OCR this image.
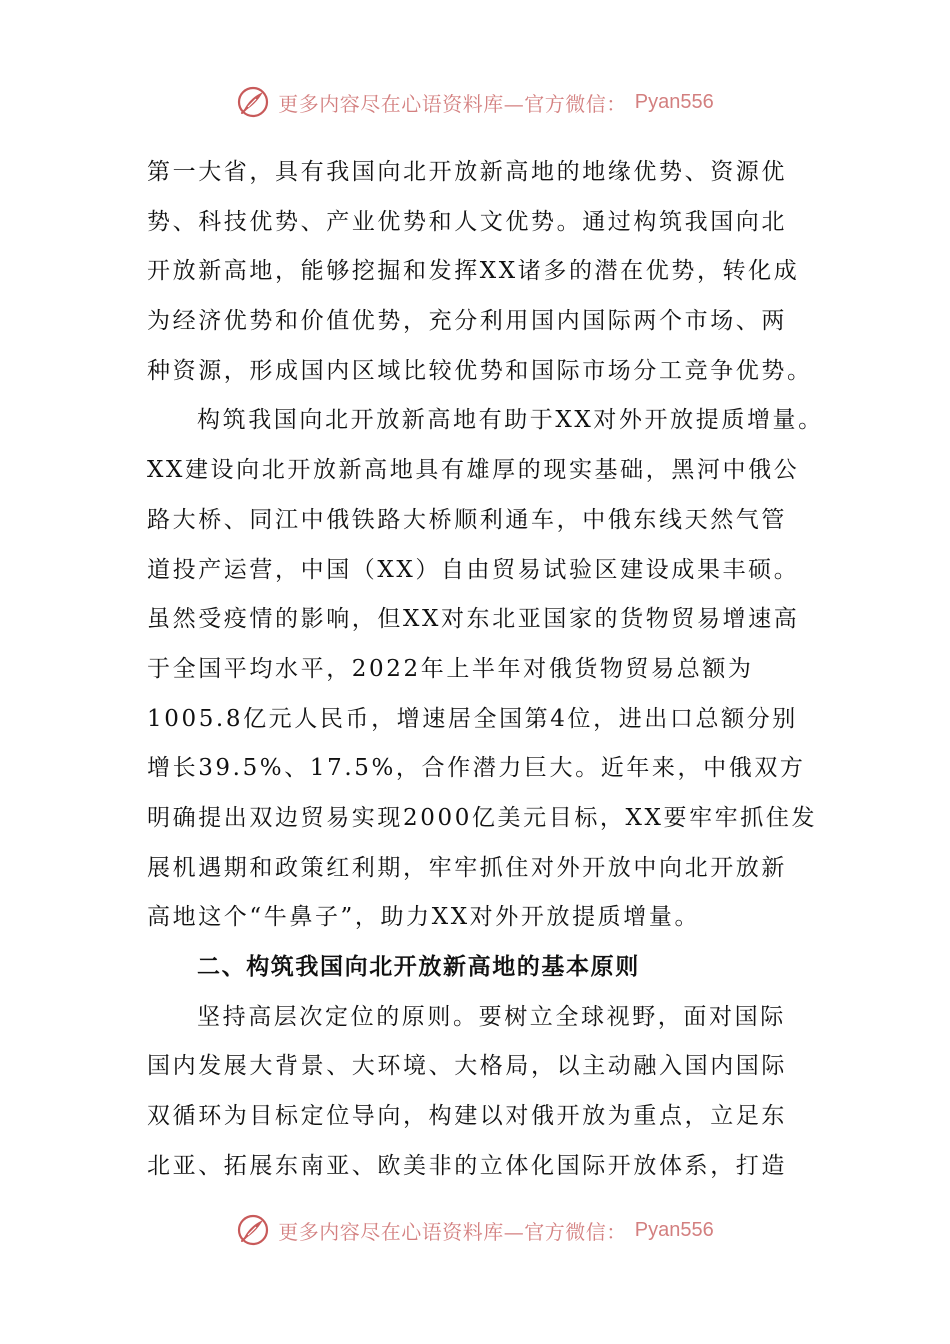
更多内容尽在心语资料库—官方微信： Pyan556
第一大省，具有我国向北开放新高地的地缘优势、资源优
势、科技优势、产业优势和人文优势。通过构筑我国向北
开放新高地，能够挖掘和发挥XX诸多的潜在优势，转化成
为经济优势和价值优势，充分利用国内国际两个市场、两
种资源，形成国内区域比较优势和国际市场分工竞争优势。
构筑我国向北开放新高地有助于XX对外开放提质增量。
XX建设向北开放新高地具有雄厚的现实基础，黑河中俄公
路大桥、同江中俄铁路大桥顺利通车，中俄东线天然气管
道投产运营，中国（XX）自由贸易试验区建设成果丰硕。
虽然受疫情的影响，但XX对东北亚国家的货物贸易增速高
于全国平均水平，2022年上半年对俄货物贸易总额为
1005.8亿元人民币，增速居全国第4位，进出口总额分别
增长39.5%、17.5%，合作潜力巨大。近年来，中俄双方
明确提出双边贸易实现2000亿美元目标，XX要牢牢抓住发
展机遇期和政策红利期，牢牢抓住对外开放中向北开放新
高地这个“牛鼻子”，助力XX对外开放提质增量。
二、构筑我国向北开放新高地的基本原则
坚持高层次定位的原则。要树立全球视野，面对国际
国内发展大背景、大环境、大格局，以主动融入国内国际
双循环为目标定位导向，构建以对俄开放为重点，立足东
北亚、拓展东南亚、欧美非的立体化国际开放体系，打造
更多内容尽在心语资料库—官方微信： Pyan556
